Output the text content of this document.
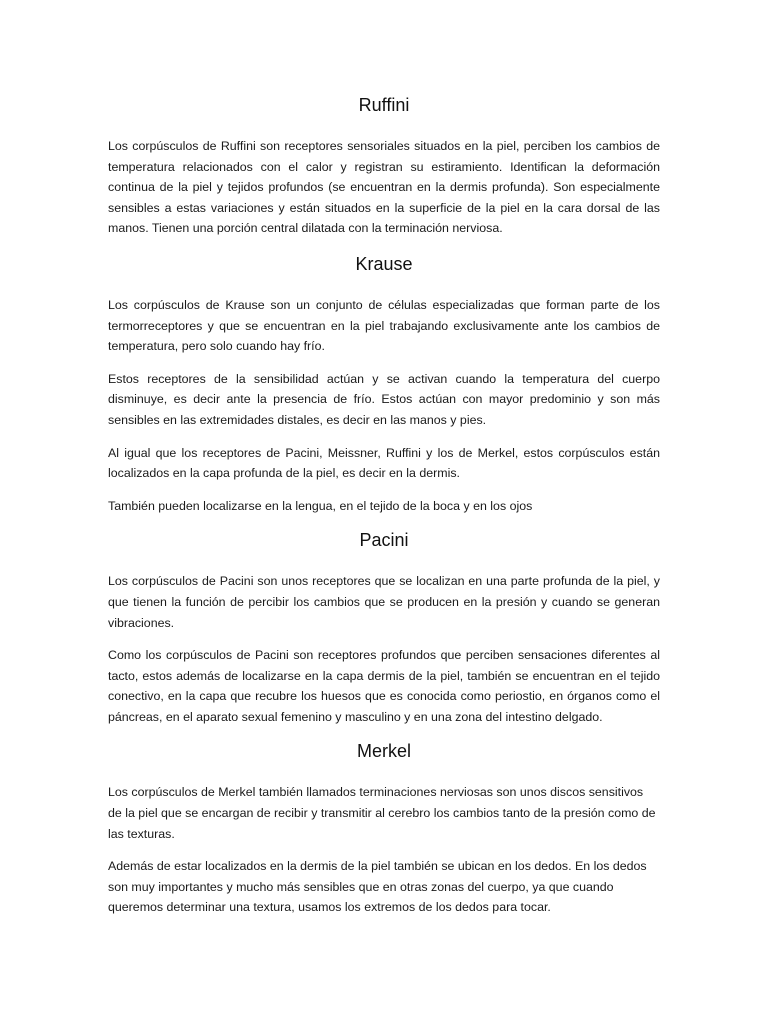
Ruffini

Los corpúsculos de Ruffini son receptores sensoriales situados en la piel, perciben los cambios de temperatura relacionados con el calor y registran su estiramiento. Identifican la deformación continua de la piel y tejidos profundos (se encuentran en la dermis profunda). Son especialmente sensibles a estas variaciones y están situados en la superficie de la piel en la cara dorsal de las manos. Tienen una porción central dilatada con la terminación nerviosa.

Krause

Los corpúsculos de Krause son un conjunto de células especializadas que forman parte de los termorreceptores y que se encuentran en la piel trabajando exclusivamente ante los cambios de temperatura, pero solo cuando hay frío.

Estos receptores de la sensibilidad actúan y se activan cuando la temperatura del cuerpo disminuye, es decir ante la presencia de frío. Estos actúan con mayor predominio y son más sensibles en las extremidades distales, es decir en las manos y pies.

Al igual que los receptores de Pacini, Meissner, Ruffini y los de Merkel, estos corpúsculos están localizados en la capa profunda de la piel, es decir en la dermis.

También pueden localizarse en la lengua, en el tejido de la boca y en los ojos

Pacini

Los corpúsculos de Pacini son unos receptores que se localizan en una parte profunda de la piel, y que tienen la función de percibir los cambios que se producen en la presión y cuando se generan vibraciones.

Como los corpúsculos de Pacini son receptores profundos que perciben sensaciones diferentes al tacto, estos además de localizarse en la capa dermis de la piel, también se encuentran en el tejido conectivo, en la capa que recubre los huesos que es conocida como periostio, en órganos como el páncreas, en el aparato sexual femenino y masculino y en una zona del intestino delgado.

Merkel

Los corpúsculos de Merkel también llamados terminaciones nerviosas son unos discos sensitivos de la piel que se encargan de recibir y transmitir al cerebro los cambios tanto de la presión como de las texturas.

Además de estar localizados en la dermis de la piel también se ubican en los dedos. En los dedos son muy importantes y mucho más sensibles que en otras zonas del cuerpo, ya que cuando queremos determinar una textura, usamos los extremos de los dedos para tocar.
